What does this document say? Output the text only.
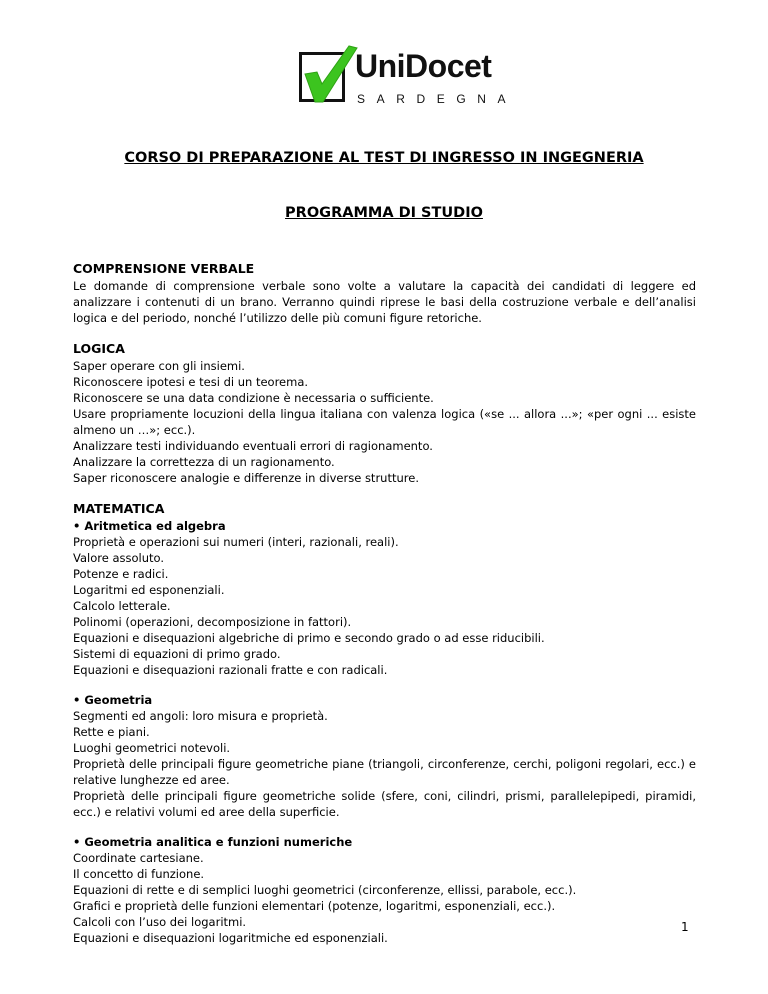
UniDocet
SARDEGNA
CORSO DI PREPARAZIONE AL TEST DI INGRESSO IN INGEGNERIA
PROGRAMMA DI STUDIO

COMPRENSIONE VERBALE

Le domande di comprensione verbale sono volte a valutare la capacità dei candidati di leggere ed analizzare i contenuti di un brano. Verranno quindi riprese le basi della costruzione verbale e dell’analisi logica e del periodo, nonché l’utilizzo delle più comuni figure retoriche.

LOGICA

Saper operare con gli insiemi.

Riconoscere ipotesi e tesi di un teorema.

Riconoscere se una data condizione è necessaria o sufficiente.

Usare propriamente locuzioni della lingua italiana con valenza logica («se ... allora ...»; «per ogni ... esiste almeno un …»; ecc.).

Analizzare testi individuando eventuali errori di ragionamento.

Analizzare la correttezza di un ragionamento.

Saper riconoscere analogie e differenze in diverse strutture.

MATEMATICA

• Aritmetica ed algebra

Proprietà e operazioni sui numeri (interi, razionali, reali).

Valore assoluto.

Potenze e radici.

Logaritmi ed esponenziali.

Calcolo letterale.

Polinomi (operazioni, decomposizione in fattori).

Equazioni e disequazioni algebriche di primo e secondo grado o ad esse riducibili.

Sistemi di equazioni di primo grado.

Equazioni e disequazioni razionali fratte e con radicali.

• Geometria

Segmenti ed angoli: loro misura e proprietà.

Rette e piani.

Luoghi geometrici notevoli.

Proprietà delle principali figure geometriche piane (triangoli, circonferenze, cerchi, poligoni regolari, ecc.) e relative lunghezze ed aree.

Proprietà delle principali figure geometriche solide (sfere, coni, cilindri, prismi, parallelepipedi, piramidi, ecc.) e relativi volumi ed aree della superficie.

• Geometria analitica e funzioni numeriche

Coordinate cartesiane.

Il concetto di funzione.

Equazioni di rette e di semplici luoghi geometrici (circonferenze, ellissi, parabole, ecc.).

Grafici e proprietà delle funzioni elementari (potenze, logaritmi, esponenziali, ecc.).

Calcoli con l’uso dei logaritmi.

Equazioni e disequazioni logaritmiche ed esponenziali.

1
